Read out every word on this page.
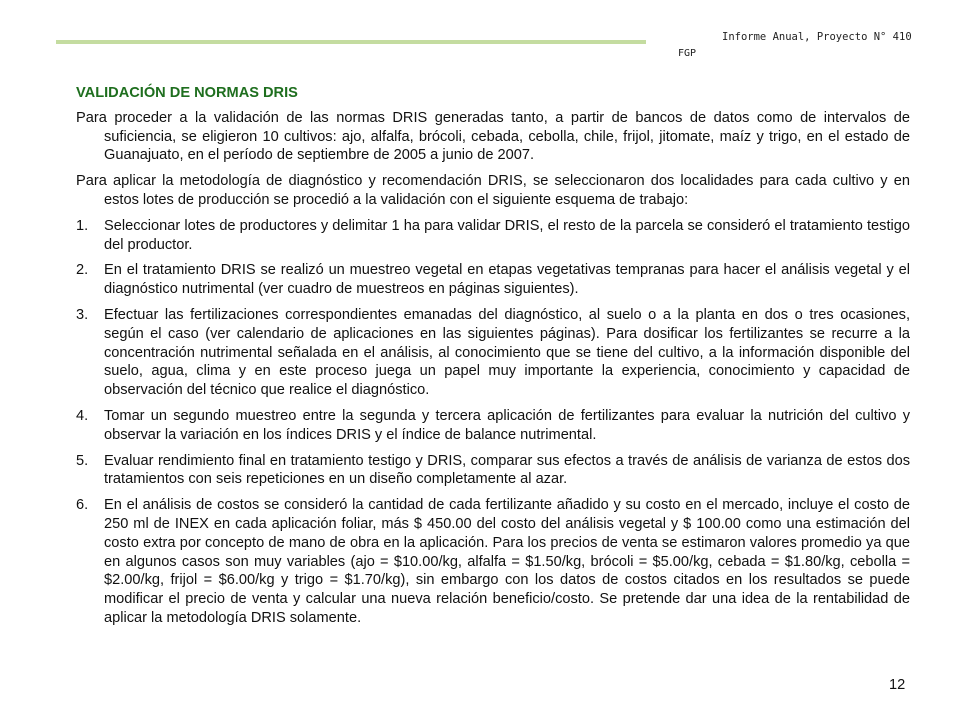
Informe Anual, Proyecto N° 410
FGP
VALIDACIÓN DE NORMAS DRIS

Para proceder a la validación de las normas DRIS generadas tanto, a partir de bancos de datos como de intervalos de suficiencia, se eligieron 10 cultivos: ajo, alfalfa, brócoli, cebada, cebolla, chile, frijol, jitomate, maíz y trigo, en el estado de Guanajuato, en el período de septiembre de 2005 a junio de 2007.

Para aplicar la metodología de diagnóstico y recomendación DRIS, se seleccionaron dos localidades para cada cultivo y en estos lotes de producción se procedió a la validación con el siguiente esquema de trabajo:

1.	Seleccionar lotes de productores y delimitar 1 ha para validar DRIS, el resto de la parcela se consideró el tratamiento testigo del productor.
2.	En el tratamiento DRIS se realizó un muestreo vegetal en etapas vegetativas tempranas para hacer el análisis vegetal y el diagnóstico nutrimental (ver cuadro de muestreos en páginas siguientes).
3.	Efectuar las fertilizaciones correspondientes emanadas del diagnóstico, al suelo o a la planta en dos o tres ocasiones, según el caso (ver calendario de aplicaciones en las siguientes páginas). Para dosificar los fertilizantes se recurre a la concentración nutrimental señalada en el análisis, al conocimiento que se tiene del cultivo, a la información disponible del suelo, agua, clima y en este proceso juega un papel muy importante la experiencia, conocimiento y capacidad de observación del técnico que realice el diagnóstico.
4.	Tomar un segundo muestreo entre la segunda y tercera aplicación de fertilizantes para evaluar la nutrición del cultivo y observar la variación en los índices DRIS y el índice de balance nutrimental.
5.	Evaluar rendimiento final en tratamiento testigo y DRIS, comparar sus efectos a través de análisis de varianza de estos dos tratamientos con seis repeticiones en un diseño completamente al azar.
6.	En el análisis de costos se consideró la cantidad de cada fertilizante añadido y su costo en el mercado, incluye el costo de 250 ml de INEX en cada aplicación foliar, más $ 450.00 del costo del análisis vegetal y $ 100.00 como una estimación del costo extra por concepto de mano de obra en la aplicación. Para los precios de venta se estimaron valores promedio ya que en algunos casos son muy variables (ajo = $10.00/kg, alfalfa = $1.50/kg, brócoli = $5.00/kg, cebada = $1.80/kg, cebolla = $2.00/kg, frijol = $6.00/kg y trigo = $1.70/kg), sin embargo con los datos de costos citados en los resultados se puede modificar el precio de venta y calcular una nueva relación beneficio/costo. Se pretende dar una idea de la rentabilidad de aplicar la metodología DRIS solamente.
12
